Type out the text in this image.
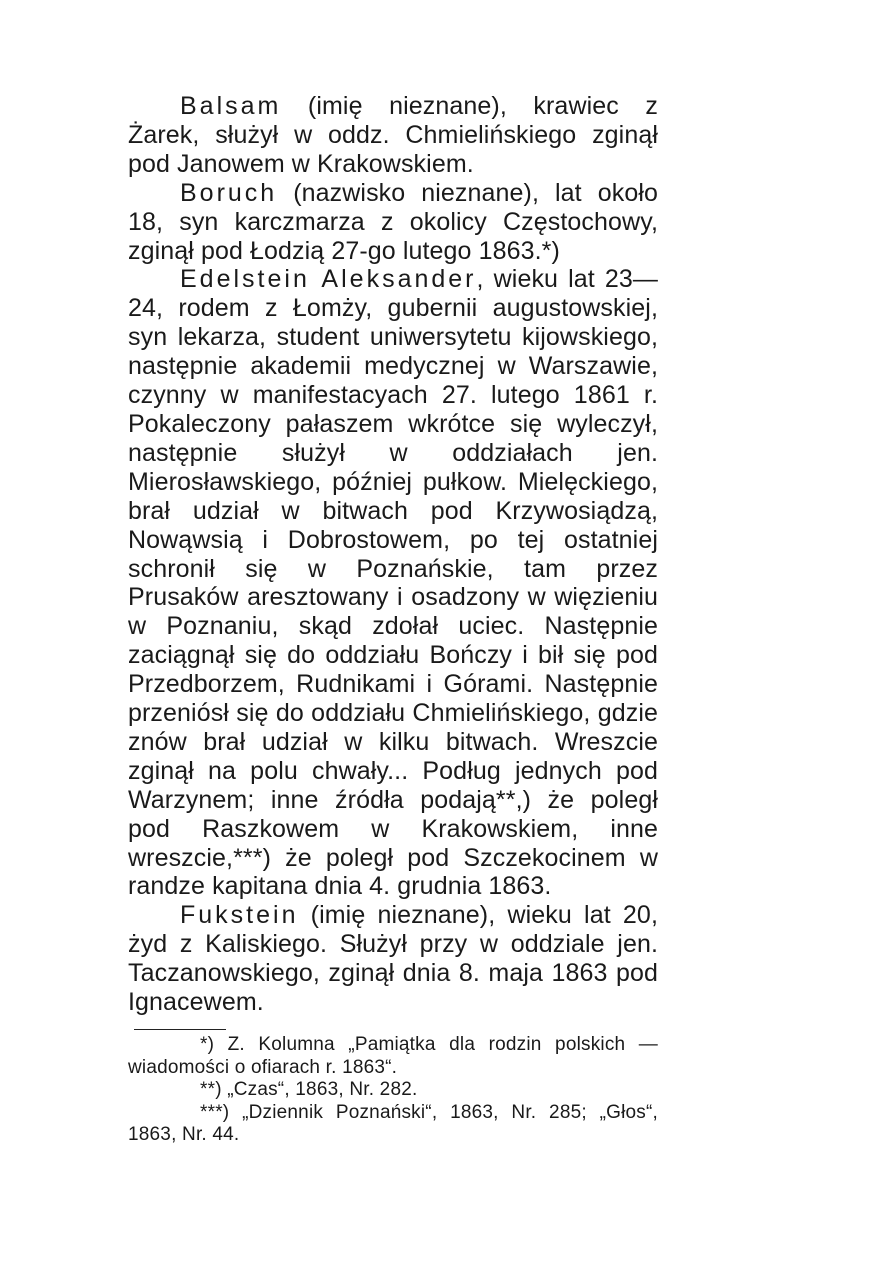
Balsam (imię nieznane), krawiec z Żarek, służył w oddz. Chmielińskiego zginął pod Janowem w Krakowskiem.

Boruch (nazwisko nieznane), lat około 18, syn karczmarza z okolicy Częstochowy, zginął pod Łodzią 27-go lutego 1863.*)

Edelstein Aleksander, wieku lat 23—24, rodem z Łomży, gubernii augustowskiej, syn lekarza, student uniwersytetu kijowskiego, następnie akademii medycznej w Warszawie, czynny w manifestacyach 27. lutego 1861 r. Pokaleczony pałaszem wkrótce się wyleczył, następnie służył w oddziałach jen. Mierosławskiego, później pułkow. Mielęckiego, brał udział w bitwach pod Krzywosiądzą, Nowąwsią i Dobrostowem, po tej ostatniej schronił się w Poznańskie, tam przez Prusaków aresztowany i osadzony w więzieniu w Poznaniu, skąd zdołał uciec. Następnie zaciągnął się do oddziału Bończy i bił się pod Przedborzem, Rudnikami i Górami. Następnie przeniósł się do oddziału Chmielińskiego, gdzie znów brał udział w kilku bitwach. Wreszcie zginął na polu chwały... Podług jednych pod Warzynem; inne źródła podają**,) że poległ pod Raszkowem w Krakowskiem, inne wreszcie,***) że poległ pod Szczekocinem w randze kapitana dnia 4. grudnia 1863.

Fukstein (imię nieznane), wieku lat 20, żyd z Kaliskiego. Służył przy w oddziale jen. Taczanowskiego, zginął dnia 8. maja 1863 pod Ignacewem.

*) Z. Kolumna „Pamiątka dla rodzin polskich — wiadomości o ofiarach r. 1863“.

**) „Czas“, 1863, Nr. 282.

***) „Dziennik Poznański“, 1863, Nr. 285; „Głos“, 1863, Nr. 44.
